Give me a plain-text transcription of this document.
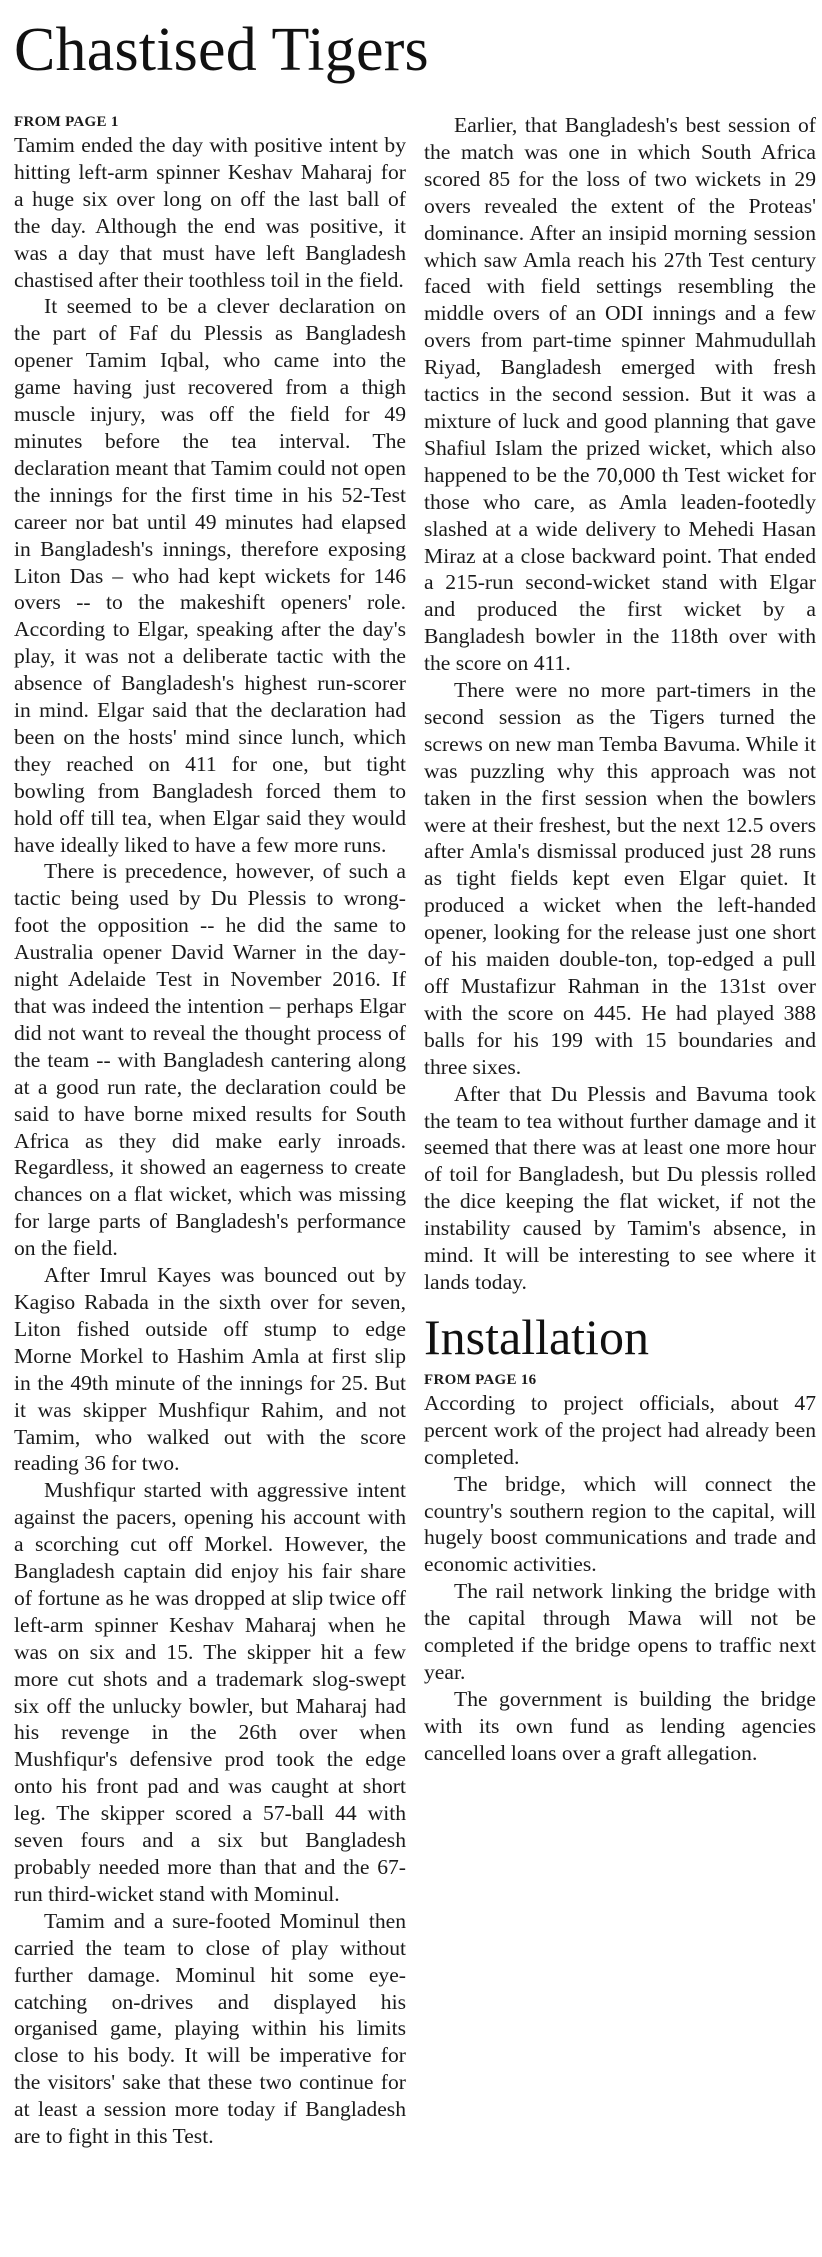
Chastised Tigers

FROM PAGE 1

Tamim ended the day with positive intent by hitting left-arm spinner Keshav Maharaj for a huge six over long on off the last ball of the day. Although the end was positive, it was a day that must have left Bangladesh chastised after their toothless toil in the field.

It seemed to be a clever declaration on the part of Faf du Plessis as Bangladesh opener Tamim Iqbal, who came into the game having just recovered from a thigh muscle injury, was off the field for 49 minutes before the tea interval. The declaration meant that Tamim could not open the innings for the first time in his 52-Test career nor bat until 49 minutes had elapsed in Bangladesh's innings, therefore exposing Liton Das – who had kept wickets for 146 overs -- to the makeshift openers' role. According to Elgar, speaking after the day's play, it was not a deliberate tactic with the absence of Bangladesh's highest run-scorer in mind. Elgar said that the declaration had been on the hosts' mind since lunch, which they reached on 411 for one, but tight bowling from Bangladesh forced them to hold off till tea, when Elgar said they would have ideally liked to have a few more runs.

There is precedence, however, of such a tactic being used by Du Plessis to wrong-foot the opposition -- he did the same to Australia opener David Warner in the day-night Adelaide Test in November 2016. If that was indeed the intention – perhaps Elgar did not want to reveal the thought process of the team -- with Bangladesh cantering along at a good run rate, the declaration could be said to have borne mixed results for South Africa as they did make early inroads. Regardless, it showed an eagerness to create chances on a flat wicket, which was missing for large parts of Bangladesh's performance on the field.

After Imrul Kayes was bounced out by Kagiso Rabada in the sixth over for seven, Liton fished outside off stump to edge Morne Morkel to Hashim Amla at first slip in the 49th minute of the innings for 25. But it was skipper Mushfiqur Rahim, and not Tamim, who walked out with the score reading 36 for two.

Mushfiqur started with aggressive intent against the pacers, opening his account with a scorching cut off Morkel. However, the Bangladesh captain did enjoy his fair share of fortune as he was dropped at slip twice off left-arm spinner Keshav Maharaj when he was on six and 15. The skipper hit a few more cut shots and a trademark slog-swept six off the unlucky bowler, but Maharaj had his revenge in the 26th over when Mushfiqur's defensive prod took the edge onto his front pad and was caught at short leg. The skipper scored a 57-ball 44 with seven fours and a six but Bangladesh probably needed more than that and the 67-run third-wicket stand with Mominul.

Tamim and a sure-footed Mominul then carried the team to close of play without further damage. Mominul hit some eye-catching on-drives and displayed his organised game, playing within his limits close to his body. It will be imperative for the visitors' sake that these two continue for at least a session more today if Bangladesh are to fight in this Test.

Earlier, that Bangladesh's best session of the match was one in which South Africa scored 85 for the loss of two wickets in 29 overs revealed the extent of the Proteas' dominance. After an insipid morning session which saw Amla reach his 27th Test century faced with field settings resembling the middle overs of an ODI innings and a few overs from part-time spinner Mahmudullah Riyad, Bangladesh emerged with fresh tactics in the second session. But it was a mixture of luck and good planning that gave Shafiul Islam the prized wicket, which also happened to be the 70,000 th Test wicket for those who care, as Amla leaden-footedly slashed at a wide delivery to Mehedi Hasan Miraz at a close backward point. That ended a 215-run second-wicket stand with Elgar and produced the first wicket by a Bangladesh bowler in the 118th over with the score on 411.

There were no more part-timers in the second session as the Tigers turned the screws on new man Temba Bavuma. While it was puzzling why this approach was not taken in the first session when the bowlers were at their freshest, but the next 12.5 overs after Amla's dismissal produced just 28 runs as tight fields kept even Elgar quiet. It produced a wicket when the left-handed opener, looking for the release just one short of his maiden double-ton, top-edged a pull off Mustafizur Rahman in the 131st over with the score on 445. He had played 388 balls for his 199 with 15 boundaries and three sixes.

After that Du Plessis and Bavuma took the team to tea without further damage and it seemed that there was at least one more hour of toil for Bangladesh, but Du plessis rolled the dice keeping the flat wicket, if not the instability caused by Tamim's absence, in mind. It will be interesting to see where it lands today.

Installation

FROM PAGE 16

According to project officials, about 47 percent work of the project had already been completed.

The bridge, which will connect the country's southern region to the capital, will hugely boost communications and trade and economic activities.

The rail network linking the bridge with the capital through Mawa will not be completed if the bridge opens to traffic next year.

The government is building the bridge with its own fund as lending agencies cancelled loans over a graft allegation.
